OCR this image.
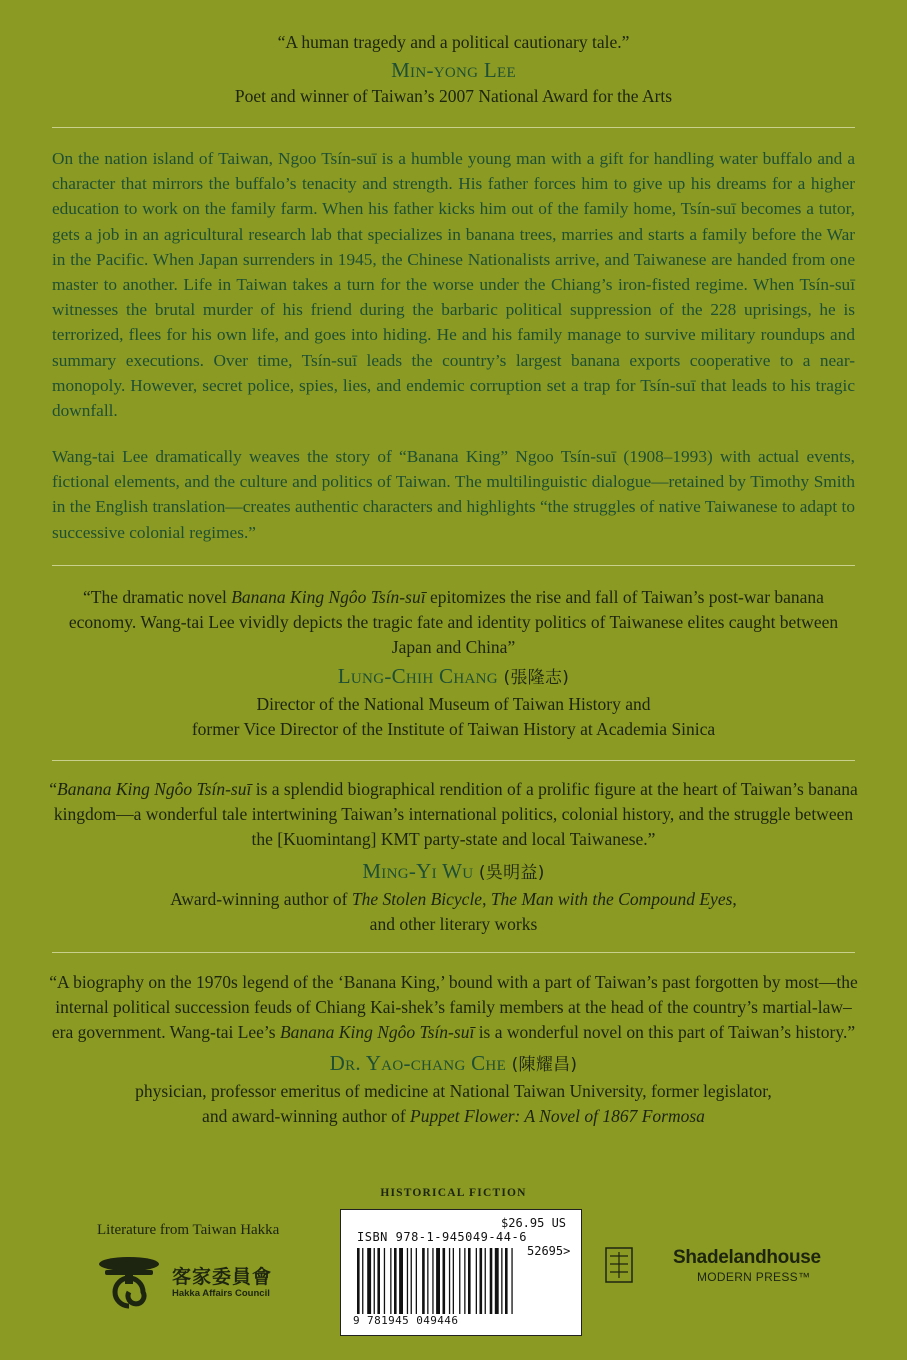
“A human tragedy and a political cautionary tale.”
Min-yong Lee
Poet and winner of Taiwan’s 2007 National Award for the Arts
On the nation island of Taiwan, Ngoo Tsín-suī is a humble young man with a gift for handling water buffalo and a character that mirrors the buffalo’s tenacity and strength. His father forces him to give up his dreams for a higher education to work on the family farm. When his father kicks him out of the family home, Tsín-suī becomes a tutor, gets a job in an agricultural research lab that specializes in banana trees, marries and starts a family before the War in the Pacific. When Japan surrenders in 1945, the Chinese Nationalists arrive, and Taiwanese are handed from one master to another. Life in Taiwan takes a turn for the worse under the Chiang’s iron-fisted regime. When Tsín-suī witnesses the brutal murder of his friend during the barbaric political suppression of the 228 uprisings, he is terrorized, flees for his own life, and goes into hiding. He and his family manage to survive military roundups and summary executions. Over time, Tsín-suī leads the country’s largest banana exports cooperative to a near-monopoly. However, secret police, spies, lies, and endemic corruption set a trap for Tsín-suī that leads to his tragic downfall.
Wang-tai Lee dramatically weaves the story of “Banana King” Ngoo Tsín-suī (1908–1993) with actual events, fictional elements, and the culture and politics of Taiwan. The multilinguistic dialogue—retained by Timothy Smith in the English translation—creates authentic characters and highlights “the struggles of native Taiwanese to adapt to successive colonial regimes.”
“The dramatic novel Banana King Ngôo Tsín-suī epitomizes the rise and fall of Taiwan’s post-war banana economy. Wang-tai Lee vividly depicts the tragic fate and identity politics of Taiwanese elites caught between Japan and China”
Lung-Chih Chang (張隆志)
Director of the National Museum of Taiwan History and
former Vice Director of the Institute of Taiwan History at Academia Sinica
“Banana King Ngôo Tsín-suī is a splendid biographical rendition of a prolific figure at the heart of Taiwan’s banana kingdom—a wonderful tale intertwining Taiwan’s international politics, colonial history, and the struggle between the [Kuomintang] KMT party-state and local Taiwanese.”
Ming-Yi Wu (吳明益)
Award-winning author of The Stolen Bicycle, The Man with the Compound Eyes,
and other literary works
“A biography on the 1970s legend of the ‘Banana King,’ bound with a part of Taiwan’s past forgotten by most—the internal political succession feuds of Chiang Kai-shek’s family members at the head of the country’s martial-law–era government. Wang-tai Lee’s Banana King Ngôo Tsín-suī is a wonderful novel on this part of Taiwan’s history.”
Dr. Yao-chang Che (陳耀昌)
physician, professor emeritus of medicine at National Taiwan University, former legislator,
and award-winning author of Puppet Flower: A Novel of 1867 Formosa
HISTORICAL FICTION
Literature from Taiwan Hakka
客家委員會
Hakka Affairs Council
$26.95 US
ISBN 978-1-945049-44-6
52695>
9 781945 049446
Shadelandhouse
MODERN PRESS™
